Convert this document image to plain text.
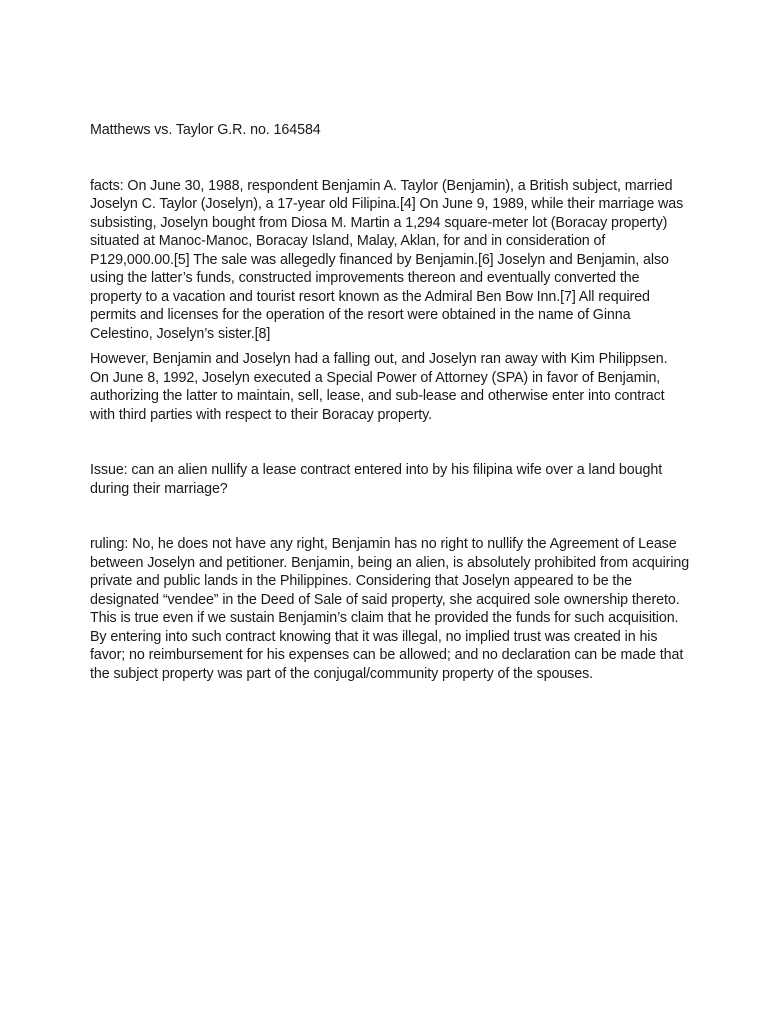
Matthews vs. Taylor G.R. no. 164584

facts: On June 30, 1988, respondent Benjamin A. Taylor (Benjamin), a British subject, married Joselyn C. Taylor (Joselyn), a 17-year old Filipina.[4] On June 9, 1989, while their marriage was subsisting, Joselyn bought from Diosa M. Martin a 1,294 square-meter lot (Boracay property) situated at Manoc-Manoc, Boracay Island, Malay, Aklan, for and in consideration of P129,000.00.[5] The sale was allegedly financed by Benjamin.[6] Joselyn and Benjamin, also using the latter’s funds, constructed improvements thereon and eventually converted the property to a vacation and tourist resort known as the Admiral Ben Bow Inn.[7] All required permits and licenses for the operation of the resort were obtained in the name of Ginna Celestino, Joselyn’s sister.[8]

However, Benjamin and Joselyn had a falling out, and Joselyn ran away with Kim Philippsen. On June 8, 1992, Joselyn executed a Special Power of Attorney (SPA) in favor of Benjamin, authorizing the latter to maintain, sell, lease, and sub-lease and otherwise enter into contract with third parties with respect to their Boracay property.

Issue: can an alien nullify a lease contract entered into by his filipina wife over a land bought during their marriage?

ruling: No, he does not have any right, Benjamin has no right to nullify the Agreement of Lease between Joselyn and petitioner. Benjamin, being an alien, is absolutely prohibited from acquiring private and public lands in the Philippines. Considering that Joselyn appeared to be the designated “vendee” in the Deed of Sale of said property, she acquired sole ownership thereto. This is true even if we sustain Benjamin’s claim that he provided the funds for such acquisition. By entering into such contract knowing that it was illegal, no implied trust was created in his favor; no reimbursement for his expenses can be allowed; and no declaration can be made that the subject property was part of the conjugal/community property of the spouses.
